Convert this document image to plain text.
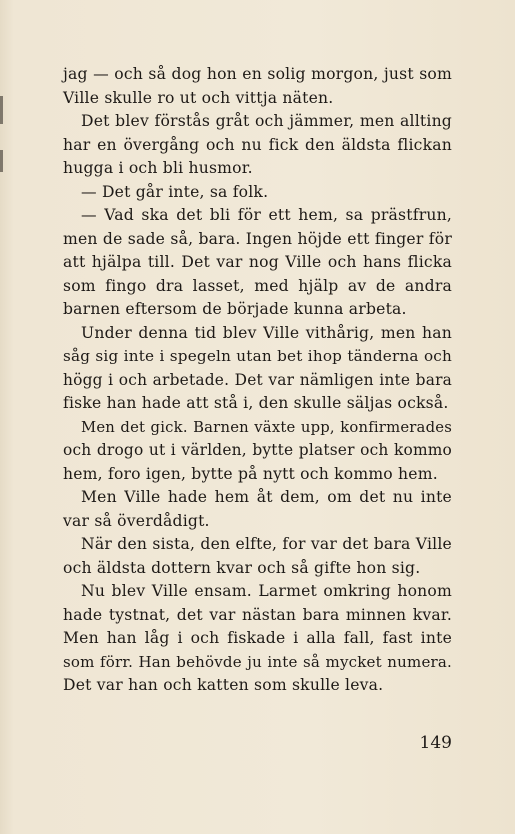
jag — och så dog hon en solig morgon, just som
Ville skulle ro ut och vittja näten.
Det blev förstås gråt och jämmer, men allting
har en övergång och nu fick den äldsta flickan
hugga i och bli husmor.
— Det går inte, sa folk.
— Vad ska det bli för ett hem, sa prästfrun,
men de sade så, bara. Ingen höjde ett finger för
att hjälpa till. Det var nog Ville och hans flicka
som fingo dra lasset, med hjälp av de andra
barnen eftersom de började kunna arbeta.
Under denna tid blev Ville vithårig, men han
såg sig inte i spegeln utan bet ihop tänderna och
högg i och arbetade. Det var nämligen inte bara
fiske han hade att stå i, den skulle säljas också.
Men det gick. Barnen växte upp, konfirmerades
och drogo ut i världen, bytte platser och kommo
hem, foro igen, bytte på nytt och kommo hem.
Men Ville hade hem åt dem, om det nu inte
var så överdådigt.
När den sista, den elfte, for var det bara Ville
och äldsta dottern kvar och så gifte hon sig.
Nu blev Ville ensam. Larmet omkring honom
hade tystnat, det var nästan bara minnen kvar.
Men han låg i och fiskade i alla fall, fast inte
som förr. Han behövde ju inte så mycket numera.
Det var han och katten som skulle leva.
149
